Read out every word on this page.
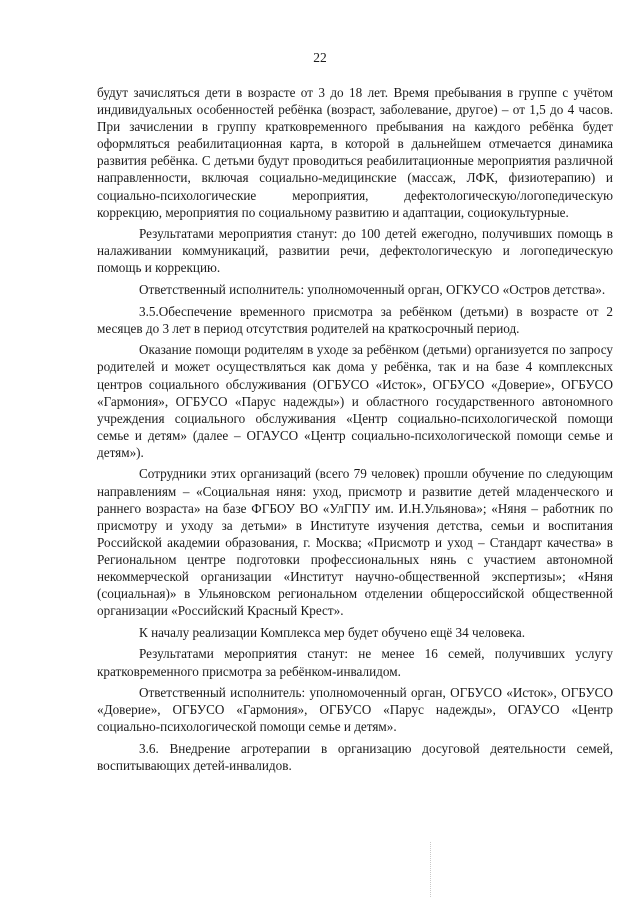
22

будут зачисляться дети в возрасте от 3 до 18 лет. Время пребывания в группе с учётом индивидуальных особенностей ребёнка (возраст, заболевание, другое) – от 1,5 до 4 часов. При зачислении в группу кратковременного пребывания на каждого ребёнка будет оформляться реабилитационная карта, в которой в дальнейшем отмечается динамика развития ребёнка. С детьми будут проводиться реабилитационные мероприятия различной направленности, включая социально-медицинские (массаж, ЛФК, физиотерапию) и социально-психологические мероприятия, дефектологическую/логопедическую коррекцию, мероприятия по социальному развитию и адаптации, социокультурные.

Результатами мероприятия станут: до 100 детей ежегодно, получивших помощь в налаживании коммуникаций, развитии речи, дефектологическую и логопедическую помощь и коррекцию.

Ответственный исполнитель: уполномоченный орган, ОГКУСО «Остров детства».

3.5.Обеспечение временного присмотра за ребёнком (детьми) в возрасте от 2 месяцев до 3 лет в период отсутствия родителей на краткосрочный период.

Оказание помощи родителям в уходе за ребёнком (детьми) организуется по запросу родителей и может осуществляться как дома у ребёнка, так и на базе 4 комплексных центров социального обслуживания (ОГБУСО «Исток», ОГБУСО «Доверие», ОГБУСО «Гармония», ОГБУСО «Парус надежды») и областного государственного автономного учреждения социального обслуживания «Центр социально-психологической помощи семье и детям» (далее – ОГАУСО «Центр социально-психологической помощи семье и детям»).

Сотрудники этих организаций (всего 79 человек) прошли обучение по следующим направлениям – «Социальная няня: уход, присмотр и развитие детей младенческого и раннего возраста» на базе ФГБОУ ВО «УлГПУ им. И.Н.Ульянова»; «Няня – работник по присмотру и уходу за детьми» в Институте изучения детства, семьи и воспитания Российской академии образования, г. Москва; «Присмотр и уход – Стандарт качества» в Региональном центре подготовки профессиональных нянь с участием автономной некоммерческой организации «Институт научно-общественной экспертизы»; «Няня (социальная)» в Ульяновском региональном отделении общероссийской общественной организации «Российский Красный Крест».

К началу реализации Комплекса мер будет обучено ещё 34 человека.

Результатами мероприятия станут: не менее 16 семей, получивших услугу кратковременного присмотра за ребёнком-инвалидом.

Ответственный исполнитель: уполномоченный орган, ОГБУСО «Исток», ОГБУСО «Доверие», ОГБУСО «Гармония», ОГБУСО «Парус надежды», ОГАУСО «Центр социально-психологической помощи семье и детям».

3.6. Внедрение агротерапии в организацию досуговой деятельности семей, воспитывающих детей-инвалидов.
